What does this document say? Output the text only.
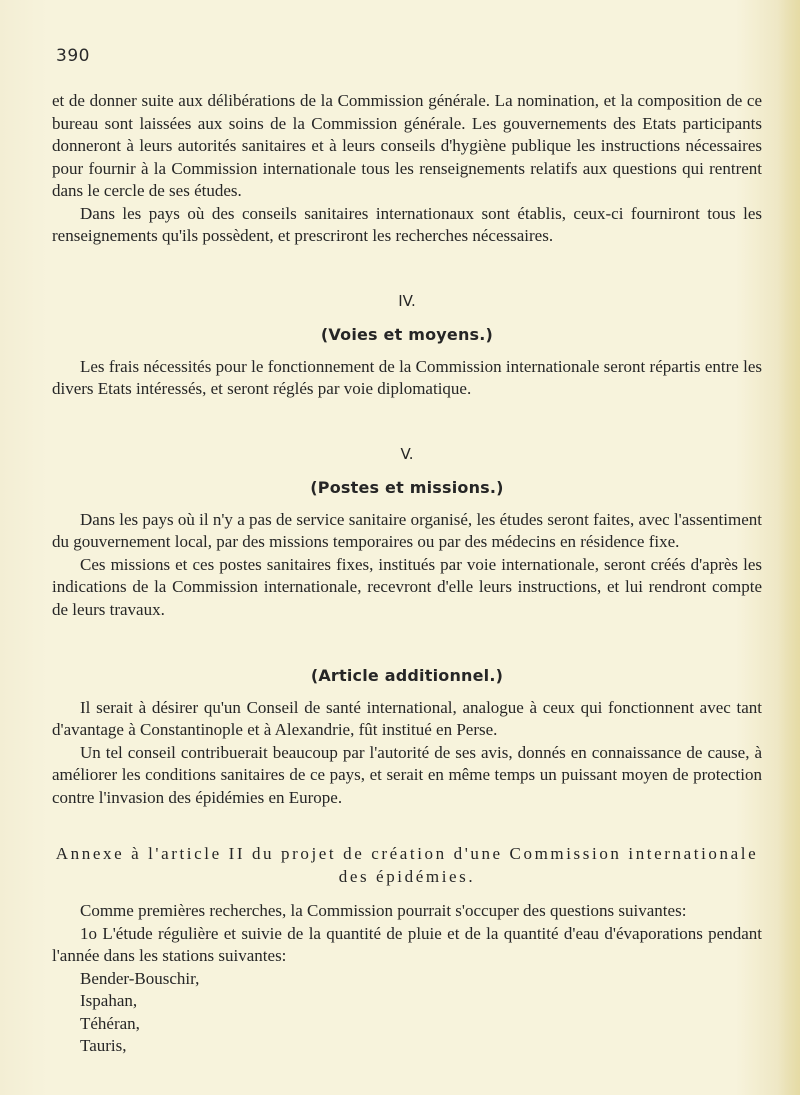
390

et de donner suite aux délibérations de la Commission générale. La nomination, et la composition de ce bureau sont laissées aux soins de la Commission générale. Les gouvernements des Etats participants donneront à leurs autorités sanitaires et à leurs conseils d'hygiène publique les instructions nécessaires pour fournir à la Commission internationale tous les renseignements relatifs aux questions qui rentrent dans le cercle de ses études.

Dans les pays où des conseils sanitaires internationaux sont établis, ceux-ci fourniront tous les renseignements qu'ils possèdent, et prescriront les recherches nécessaires.

IV.

(Voies et moyens.)

Les frais nécessités pour le fonctionnement de la Commission internationale seront répartis entre les divers Etats intéressés, et seront réglés par voie diplomatique.

V.

(Postes et missions.)

Dans les pays où il n'y a pas de service sanitaire organisé, les études seront faites, avec l'assentiment du gouvernement local, par des missions temporaires ou par des médecins en résidence fixe.

Ces missions et ces postes sanitaires fixes, institués par voie internationale, seront créés d'après les indications de la Commission internationale, recevront d'elle leurs instructions, et lui rendront compte de leurs travaux.

(Article additionnel.)

Il serait à désirer qu'un Conseil de santé international, analogue à ceux qui fonctionnent avec tant d'avantage à Constantinople et à Alexandrie, fût institué en Perse.

Un tel conseil contribuerait beaucoup par l'autorité de ses avis, donnés en connaissance de cause, à améliorer les conditions sanitaires de ce pays, et serait en même temps un puissant moyen de protection contre l'invasion des épidémies en Europe.

Annexe à l'article II du projet de création d'une Commission internationale des épidémies.

Comme premières recherches, la Commission pourrait s'occuper des questions suivantes:

1o L'étude régulière et suivie de la quantité de pluie et de la quantité d'eau d'évaporations pendant l'année dans les stations suivantes:

Bender-Bouschir,

Ispahan,

Téhéran,

Tauris,
